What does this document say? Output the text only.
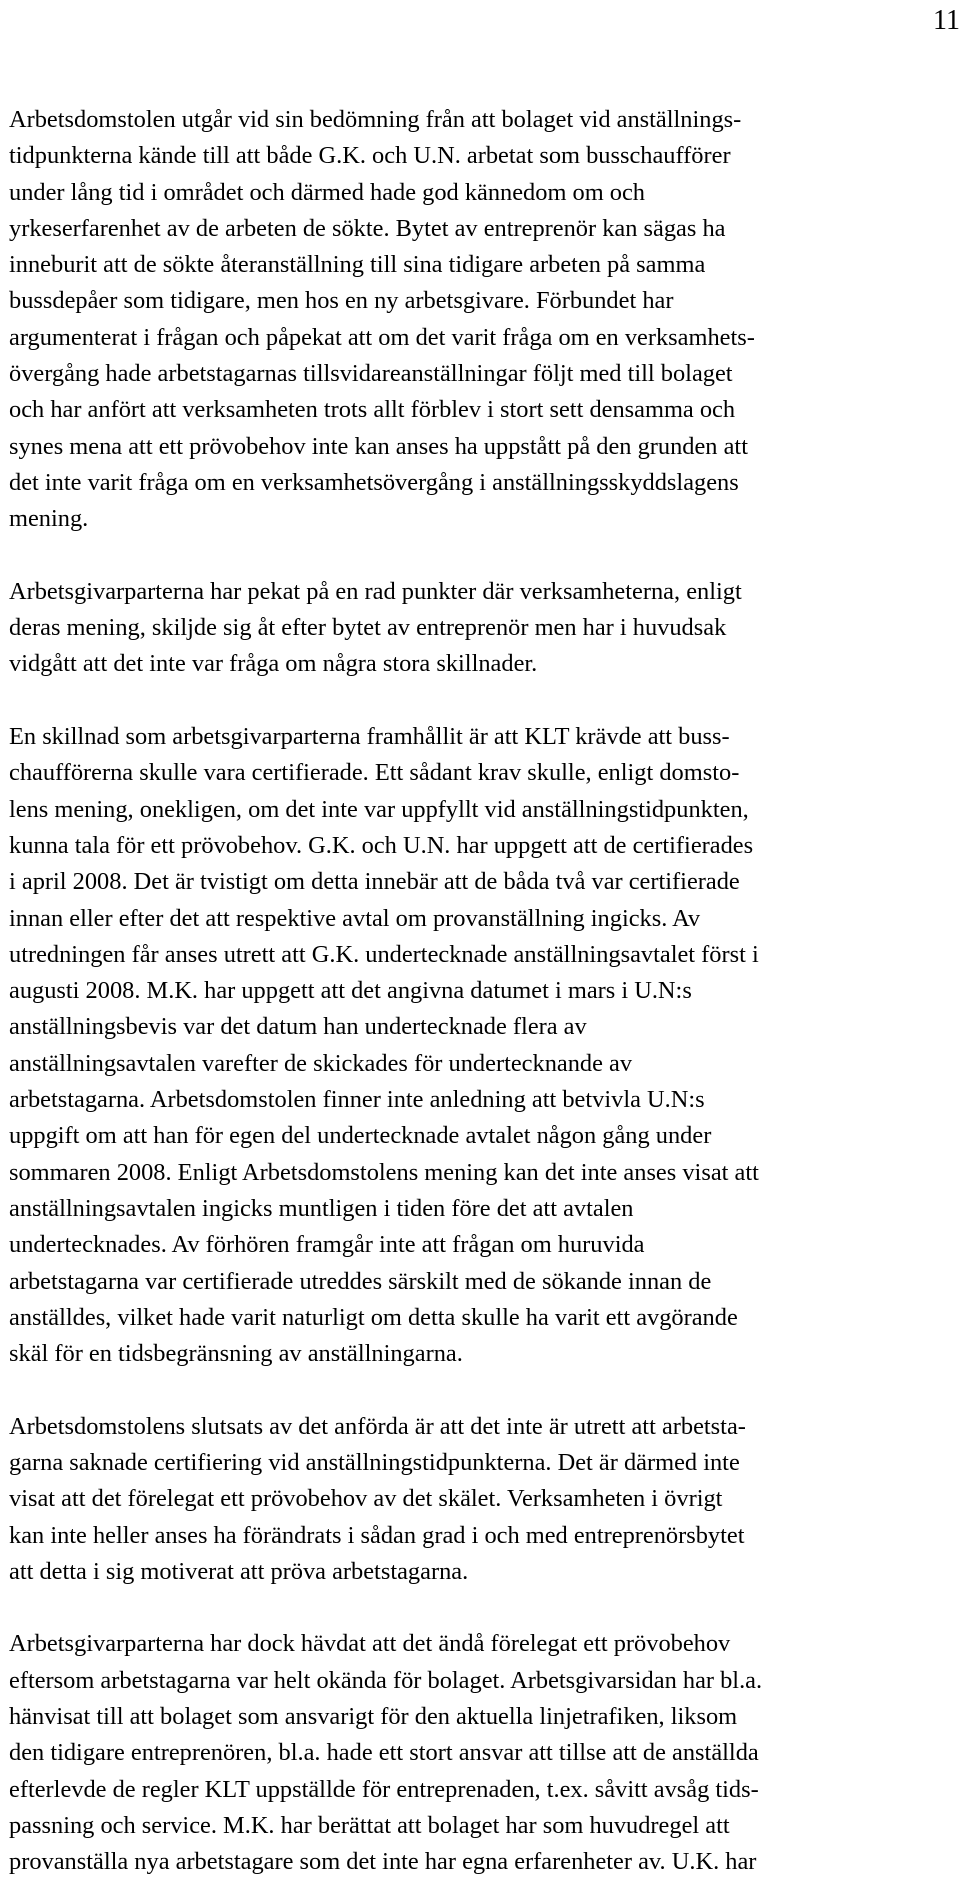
11
Arbetsdomstolen utgår vid sin bedömning från att bolaget vid anställnings-
tidpunkterna kände till att både G.K. och U.N. arbetat som busschaufförer
under lång tid i området och därmed hade god kännedom om och
yrkeserfarenhet av de arbeten de sökte. Bytet av entreprenör kan sägas ha
inneburit att de sökte återanställning till sina tidigare arbeten på samma
bussdepåer som tidigare, men hos en ny arbetsgivare. Förbundet har
argumenterat i frågan och påpekat att om det varit fråga om en verksamhets-
övergång hade arbetstagarnas tillsvidareanställningar följt med till bolaget
och har anfört att verksamheten trots allt förblev i stort sett densamma och
synes mena att ett prövobehov inte kan anses ha uppstått på den grunden att
det inte varit fråga om en verksamhetsövergång i anställningsskyddslagens
mening.
Arbetsgivarparterna har pekat på en rad punkter där verksamheterna, enligt
deras mening, skiljde sig åt efter bytet av entreprenör men har i huvudsak
vidgått att det inte var fråga om några stora skillnader.
En skillnad som arbetsgivarparterna framhållit är att KLT krävde att buss-
chaufförerna skulle vara certifierade. Ett sådant krav skulle, enligt domsto-
lens mening, onekligen, om det inte var uppfyllt vid anställningstidpunkten,
kunna tala för ett prövobehov. G.K. och U.N. har uppgett att de certifierades
i april 2008. Det är tvistigt om detta innebär att de båda två var certifierade
innan eller efter det att respektive avtal om provanställning ingicks. Av
utredningen får anses utrett att G.K. undertecknade anställningsavtalet först i
augusti 2008. M.K. har uppgett att det angivna datumet i mars i U.N:s
anställningsbevis var det datum han undertecknade flera av
anställningsavtalen varefter de skickades för undertecknande av
arbetstagarna. Arbetsdomstolen finner inte anledning att betvivla U.N:s
uppgift om att han för egen del undertecknade avtalet någon gång under
sommaren 2008. Enligt Arbetsdomstolens mening kan det inte anses visat att
anställningsavtalen ingicks muntligen i tiden före det att avtalen
undertecknades. Av förhören framgår inte att frågan om huruvida
arbetstagarna var certifierade utreddes särskilt med de sökande innan de
anställdes, vilket hade varit naturligt om detta skulle ha varit ett avgörande
skäl för en tidsbegränsning av anställningarna.
Arbetsdomstolens slutsats av det anförda är att det inte är utrett att arbetsta-
garna saknade certifiering vid anställningstidpunkterna. Det är därmed inte
visat att det förelegat ett prövobehov av det skälet. Verksamheten i övrigt
kan inte heller anses ha förändrats i sådan grad i och med entreprenörsbytet
att detta i sig motiverat att pröva arbetstagarna.
Arbetsgivarparterna har dock hävdat att det ändå förelegat ett prövobehov
eftersom arbetstagarna var helt okända för bolaget. Arbetsgivarsidan har bl.a.
hänvisat till att bolaget som ansvarigt för den aktuella linjetrafiken, liksom
den tidigare entreprenören, bl.a. hade ett stort ansvar att tillse att de anställda
efterlevde de regler KLT uppställde för entreprenaden, t.ex. såvitt avsåg tids-
passning och service. M.K. har berättat att bolaget har som huvudregel att
provanställa nya arbetstagare som det inte har egna erfarenheter av. U.K. har
